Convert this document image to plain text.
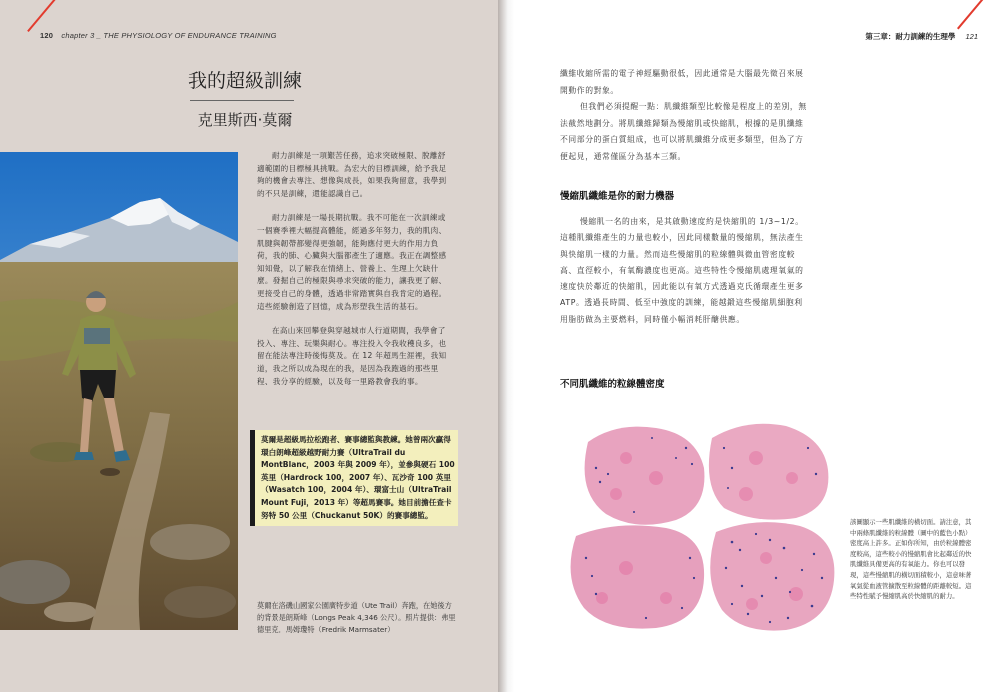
120 chapter 3 _ THE PHYSIOLOGY OF ENDURANCE TRAINING
我的超級訓練
克里斯西·莫爾

耐力訓練是一項艱苦任務，追求突破極限、脫離舒適範圍的目標極具挑戰。為宏大的目標訓練，給予我足夠的機會去專注、想像與成長，如果我夠留意，我學到的不只是訓練，還能認識自己。

耐力訓練是一場長期抗戰。我不可能在一次訓練或一個賽季裡大幅提高體能，經過多年努力，我的肌肉、肌腱與韌帶都變得更強韌，能夠應付更大的作用力負荷，我的肺、心臟與大腦都產生了適應。我正在調整感知知覺，以了解我在情緒上、營養上、生理上欠缺什麼。發掘自己的極限與尋求突破的能力，讓我更了解、更接受自己的身體，透過非常踏實與自我肯定的過程。這些經驗創造了回憶，成為形塑我生活的基石。

在高山來回攀登與穿越城市人行道期間，我學會了投入、專注、玩樂與耐心。專注投入令我收穫良多，也留在能法專注時後悔莫及。在 12 年超馬生涯裡，我知道，我之所以成為現在的我，是因為我跑過的那些里程、我分享的經驗，以及每一里路教會我的事。

莫爾是超級馬拉松跑者、賽事總監與教練。她曾兩次贏得環白朗峰超級越野耐力賽（UltraTrail du MontBlanc，2003 年與 2009 年），並參與硬石 100 英里（Hardrock 100，2007 年）、瓦沙奇 100 英里（Wasatch 100，2004 年）、環富士山（UltraTrail Mount Fuji，2013 年）等超馬賽事。她目前擔任查卡努特 50 公里（Chuckanut 50K）的賽事總監。
莫爾在洛磯山國家公園廣特步道（Ute Trail）奔跑，在她後方的背景是朗斯峰（Longs Peak 4,346 公尺）。照片提供：弗里德里克．馬姆瓊特（Fredrik Marmsater）
第三章：耐力訓練的生理學 121

纖維收縮所需的電子神經驅動很低，因此通常是大腦最先徵召來展開動作的對象。

但我們必須提醒一點：肌纖維類型比較像是程度上的差別，無法截然地劃分。將肌纖維歸類為慢縮肌或快縮肌，根據的是肌纖維不同部分的蛋白質組成，也可以將肌纖維分成更多類型，但為了方便起見，通常僅區分為基本三類。

慢縮肌纖維是你的耐力機器
慢縮肌一名的由來，是其啟動速度約是快縮肌的 1/3~1/2。這種肌纖維產生的力量也較小，因此同樣數量的慢縮肌，無法產生與快縮肌一樣的力量。然而這些慢縮肌的粒線體與微血管密度較高、直徑較小，有氧酶濃度也更高。這些特性令慢縮肌處理氧氣的速度快於鄰近的快縮肌，因此能以有氧方式透過克氏循環產生更多 ATP。透過長時間、低至中強度的訓練，能越鍛這些慢縮肌細胞利用脂肪做為主要燃料，同時僅小幅消耗肝醣供應。
不同肌纖維的粒線體密度
該圖顯示一些肌纖維的橫切面。請注意，其中兩條肌纖維的粒線體（圖中的藍色小點）密度高上許多。正如你所知，由於粒線體密度較高，這些較小的慢縮肌會比起鄰近的快肌纖維具備更高的有氧能力。你也可以發現，這些慢縮肌的橫切面積較小，這意味著氧氣從血液管擴散至粒線體的距離較短。這些特性賦予慢縮肌高於快縮肌的耐力。
